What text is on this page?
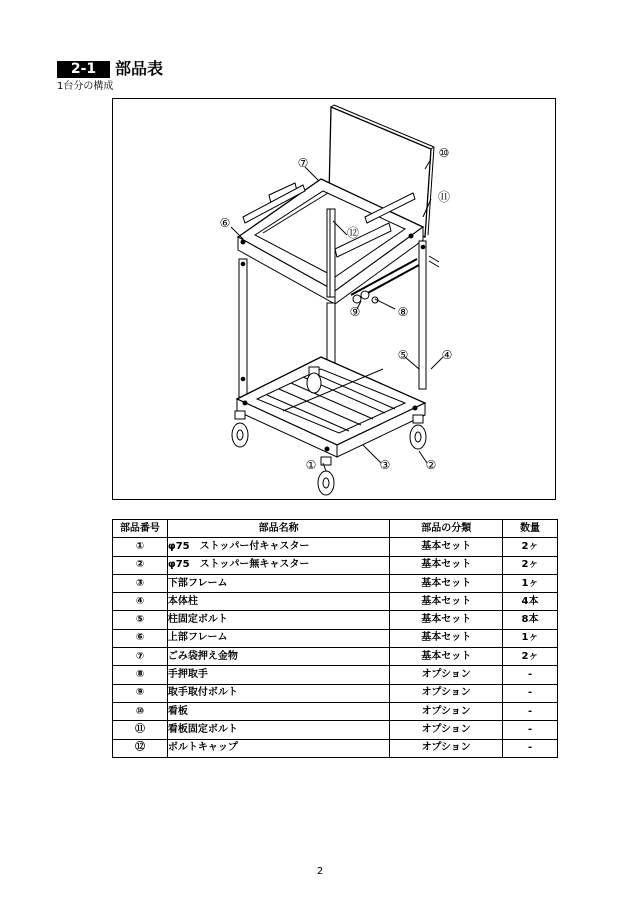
2-1	部品表
1台分の構成
⑩
⑦
⑪
⑥
⑫
⑨	⑧
⑤	④
①	③	②
部品番号	部品名称	部品の分類	数量
①	φ75　ストッパー付キャスター	基本セット	2ヶ
②	φ75　ストッパー無キャスター	基本セット	2ヶ
③	下部フレーム	基本セット	1ヶ
④	本体柱	基本セット	4本
⑤	柱固定ボルト	基本セット	8本
⑥	上部フレーム	基本セット	1ヶ
⑦	ごみ袋押え金物	基本セット	2ヶ
⑧	手押取手	オプション	-
⑨	取手取付ボルト	オプション	-
⑩	看板	オプション	-
⑪	看板固定ボルト	オプション	-
⑫	ボルトキャップ	オプション	-
2
